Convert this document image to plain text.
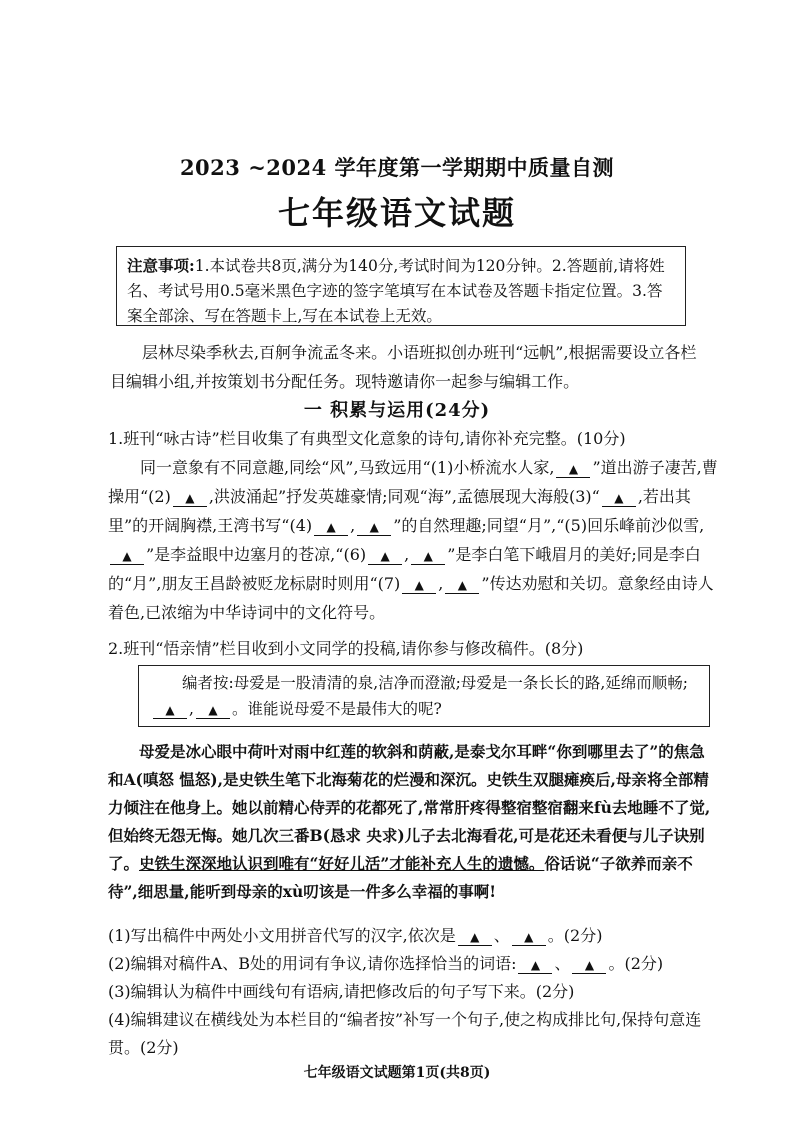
2023 ~2024 学年度第一学期期中质量自测
七年级语文试题
注意事项:1.本试卷共8页,满分为140分,考试时间为120分钟。2.答题前,请将姓名、考试号用0.5毫米黑色字迹的签字笔填写在本试卷及答题卡指定位置。3.答案全部涂、写在答题卡上,写在本试卷上无效。
层林尽染季秋去,百舸争流孟冬来。小语班拟创办班刊“远帆”,根据需要设立各栏目编辑小组,并按策划书分配任务。现特邀请你一起参与编辑工作。
一 积累与运用(24分)

1.班刊“咏古诗”栏目收集了有典型文化意象的诗句,请你补充完整。(10分)

同一意象有不同意趣,同绘“风”,马致远用“(1)小桥流水人家, ▲ ”道出游子凄苦,曹操用“(2) ▲ ,洪波涌起”抒发英雄豪情;同观“海”,孟德展现大海般(3)“ ▲ ,若出其里”的开阔胸襟,王湾书写“(4) ▲ , ▲ ”的自然理趣;同望“月”,“(5)回乐峰前沙似雪,▲ ”是李益眼中边塞月的苍凉,“(6) ▲ , ▲ ”是李白笔下峨眉月的美好;同是李白的“月”,朋友王昌龄被贬龙标尉时则用“(7) ▲ , ▲ ”传达劝慰和关切。意象经由诗人着色,已浓缩为中华诗词中的文化符号。

2.班刊“悟亲情”栏目收到小文同学的投稿,请你参与修改稿件。(8分)
编者按:母爱是一股清清的泉,洁净而澄澈;母爱是一条长长的路,延绵而顺畅;▲ , ▲ 。谁能说母爱不是最伟大的呢?
母爱是冰心眼中荷叶对雨中红莲的软斜和荫蔽,是泰戈尔耳畔“你到哪里去了”的焦急和A(嗔怒 愠怒),是史铁生笔下北海菊花的烂漫和深沉。史铁生双腿瘫痪后,母亲将全部精力倾注在他身上。她以前精心侍弄的花都死了,常常肝疼得整宿整宿翻来fù去地睡不了觉,但始终无怨无悔。她几次三番B(恳求 央求)儿子去北海看花,可是花还未看便与儿子诀别了。史铁生深深地认识到唯有“好好儿活”才能补充人生的遗憾。俗话说“子欲养而亲不待”,细思量,能听到母亲的xù叨该是一件多么幸福的事啊!
(1)写出稿件中两处小文用拼音代写的汉字,依次是 ▲ 、 ▲ 。(2分)
(2)编辑对稿件A、B处的用词有争议,请你选择恰当的词语: ▲ 、 ▲ 。(2分)
(3)编辑认为稿件中画线句有语病,请把修改后的句子写下来。(2分)
(4)编辑建议在横线处为本栏目的“编者按”补写一个句子,使之构成排比句,保持句意连贯。(2分)
七年级语文试题第1页(共8页)
